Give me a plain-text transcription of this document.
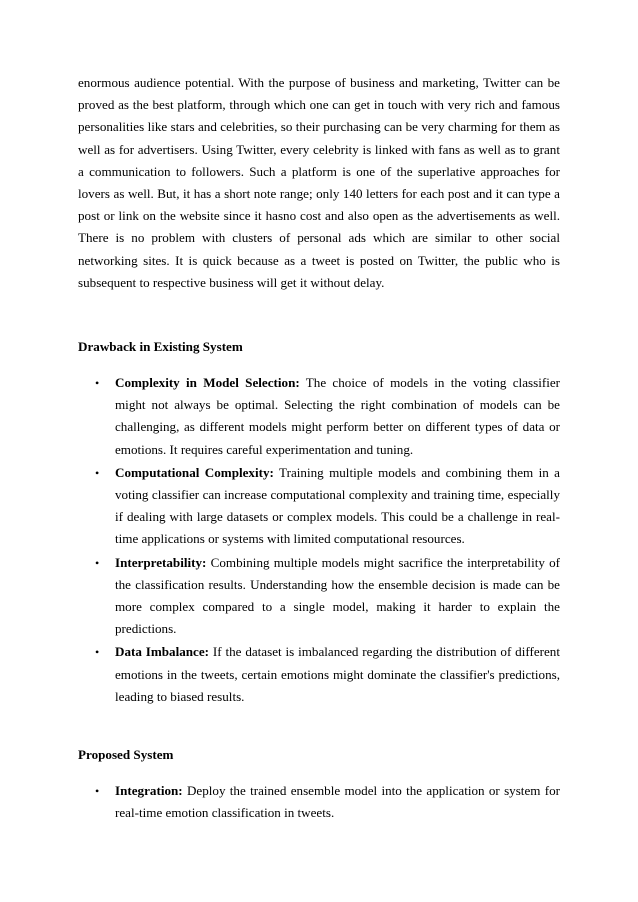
enormous audience potential. With the purpose of business and marketing, Twitter can be proved as the best platform, through which one can get in touch with very rich and famous personalities like stars and celebrities, so their purchasing can be very charming for them as well as for advertisers. Using Twitter, every celebrity is linked with fans as well as to grant a communication to followers. Such a platform is one of the superlative approaches for lovers as well. But, it has a short note range; only 140 letters for each post and it can type a post or link on the website since it hasno cost and also open as the advertisements as well. There is no problem with clusters of personal ads which are similar to other social networking sites. It is quick because as a tweet is posted on Twitter, the public who is subsequent to respective business will get it without delay.

Drawback in Existing System
• Complexity in Model Selection: The choice of models in the voting classifier might not always be optimal. Selecting the right combination of models can be challenging, as different models might perform better on different types of data or emotions. It requires careful experimentation and tuning.
• Computational Complexity: Training multiple models and combining them in a voting classifier can increase computational complexity and training time, especially if dealing with large datasets or complex models. This could be a challenge in real-time applications or systems with limited computational resources.
• Interpretability: Combining multiple models might sacrifice the interpretability of the classification results. Understanding how the ensemble decision is made can be more complex compared to a single model, making it harder to explain the predictions.
• Data Imbalance: If the dataset is imbalanced regarding the distribution of different emotions in the tweets, certain emotions might dominate the classifier's predictions, leading to biased results.
Proposed System
• Integration: Deploy the trained ensemble model into the application or system for real-time emotion classification in tweets.
